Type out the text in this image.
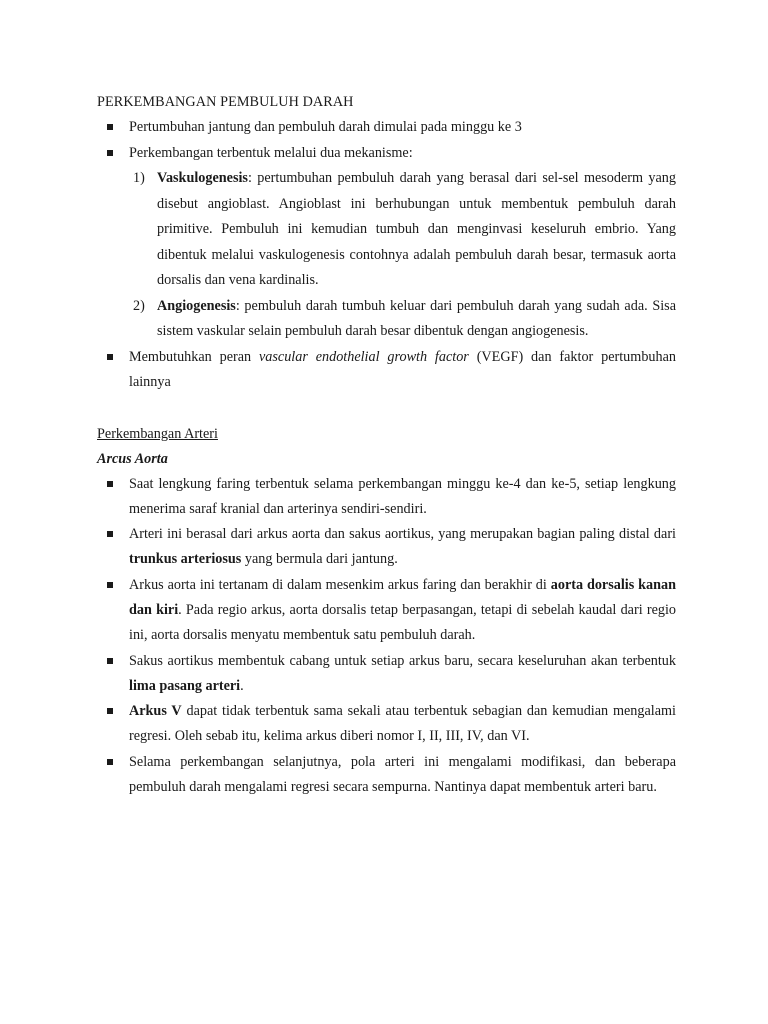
PERKEMBANGAN PEMBULUH DARAH
Pertumbuhan jantung dan pembuluh darah dimulai pada minggu ke 3
Perkembangan terbentuk melalui dua mekanisme:
1) Vaskulogenesis: pertumbuhan pembuluh darah yang berasal dari sel-sel mesoderm yang disebut angioblast. Angioblast ini berhubungan untuk membentuk pembuluh darah primitive. Pembuluh ini kemudian tumbuh dan menginvasi keseluruh embrio. Yang dibentuk melalui vaskulogenesis contohnya adalah pembuluh darah besar, termasuk aorta dorsalis dan vena kardinalis.
2) Angiogenesis: pembuluh darah tumbuh keluar dari pembuluh darah yang sudah ada. Sisa sistem vaskular selain pembuluh darah besar dibentuk dengan angiogenesis.
Membutuhkan peran vascular endothelial growth factor (VEGF) dan faktor pertumbuhan lainnya
Perkembangan Arteri
Arcus Aorta
Saat lengkung faring terbentuk selama perkembangan minggu ke-4 dan ke-5, setiap lengkung menerima saraf kranial dan arterinya sendiri-sendiri.
Arteri ini berasal dari arkus aorta dan sakus aortikus, yang merupakan bagian paling distal dari trunkus arteriosus yang bermula dari jantung.
Arkus aorta ini tertanam di dalam mesenkim arkus faring dan berakhir di aorta dorsalis kanan dan kiri. Pada regio arkus, aorta dorsalis tetap berpasangan, tetapi di sebelah kaudal dari regio ini, aorta dorsalis menyatu membentuk satu pembuluh darah.
Sakus aortikus membentuk cabang untuk setiap arkus baru, secara keseluruhan akan terbentuk lima pasang arteri.
Arkus V dapat tidak terbentuk sama sekali atau terbentuk sebagian dan kemudian mengalami regresi. Oleh sebab itu, kelima arkus diberi nomor I, II, III, IV, dan VI.
Selama perkembangan selanjutnya, pola arteri ini mengalami modifikasi, dan beberapa pembuluh darah mengalami regresi secara sempurna. Nantinya dapat membentuk arteri baru.
